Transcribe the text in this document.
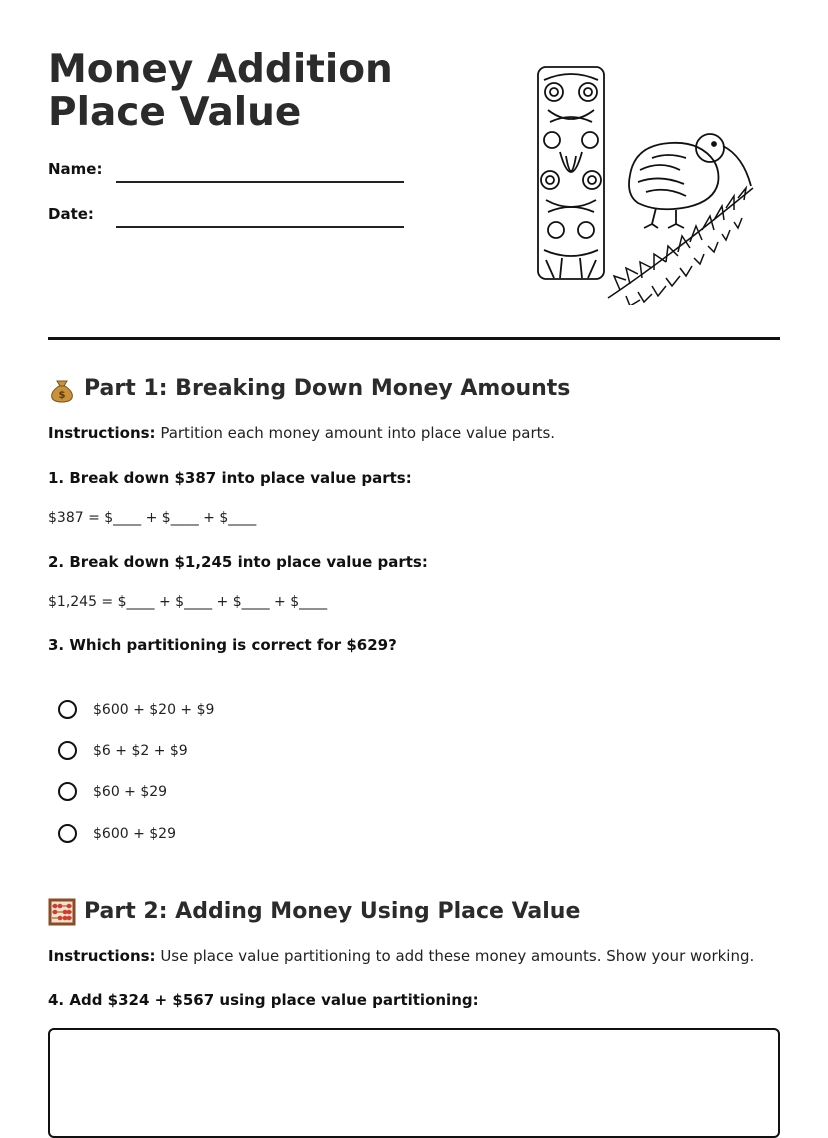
Money Addition Place Value
Name:
Date:
$ Part 1: Breaking Down Money Amounts
Instructions: Partition each money amount into place value parts.
1. Break down $387 into place value parts:
$387 = $____ + $____ + $____
2. Break down $1,245 into place value parts:
$1,245 = $____ + $____ + $____ + $____
3. Which partitioning is correct for $629?
$600 + $20 + $9
$6 + $2 + $9
$60 + $29
$600 + $29
Part 2: Adding Money Using Place Value
Instructions: Use place value partitioning to add these money amounts. Show your working.
4. Add $324 + $567 using place value partitioning:
